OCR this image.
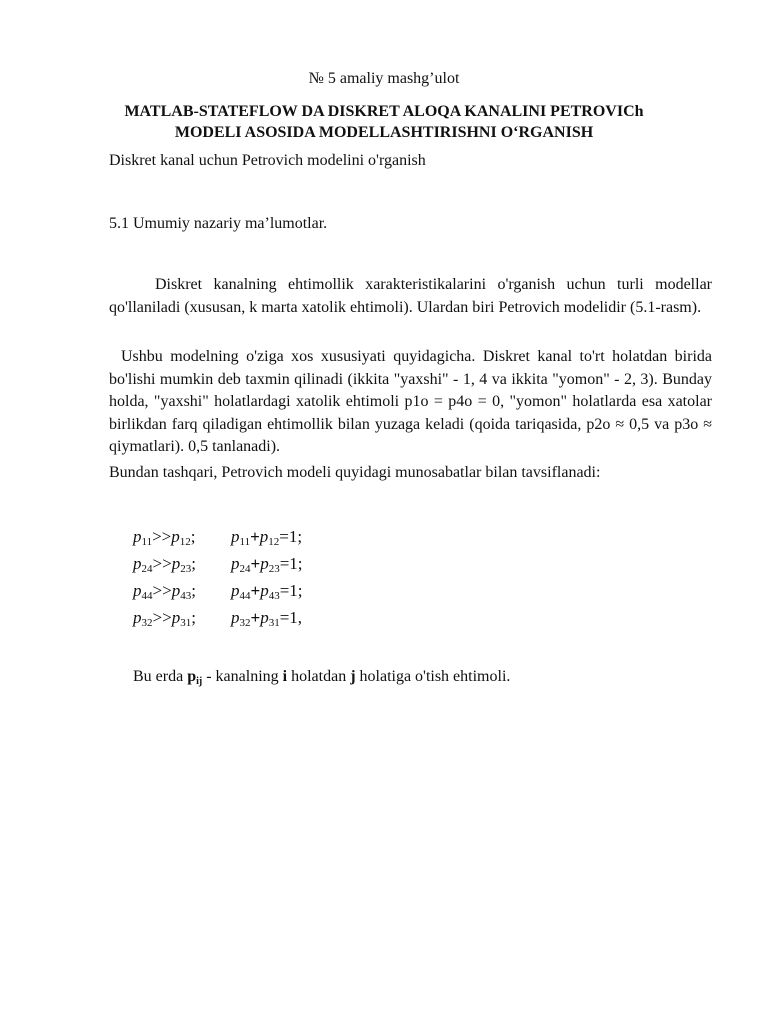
№ 5 amaliy mashg’ulot
MATLAB-STATEFLOW DA DISKRET ALOQA KANALINI PETROVICh MODELI ASOSIDA MODELLASHTIRISHNI O‘RGANISH
Diskret kanal uchun Petrovich modelini o'rganish
5.1 Umumiy nazariy ma’lumotlar.
Diskret kanalning ehtimollik xarakteristikalarini o'rganish uchun turli modellar qo'llaniladi (xususan, k marta xatolik ehtimoli). Ulardan biri Petrovich modelidir (5.1-rasm).
Ushbu modelning o'ziga xos xususiyati quyidagicha. Diskret kanal to'rt holatdan birida bo'lishi mumkin deb taxmin qilinadi (ikkita "yaxshi" - 1, 4 va ikkita "yomon" - 2, 3). Bunday holda, "yaxshi" holatlardagi xatolik ehtimoli p1o = p4o = 0, "yomon" holatlarda esa xatolar birlikdan farq qiladigan ehtimollik bilan yuzaga keladi (qoida tariqasida, p2o ≈ 0,5 va p3o ≈ qiymatlari). 0,5 tanlanadi).
Bundan tashqari, Petrovich modeli quyidagi munosabatlar bilan tavsiflanadi:
$p_{11}>>p_{12}$; $p_{11}+p_{12}=1$;
$p_{24}>>p_{23}$; $p_{24}+p_{23}=1$;
$p_{44}>>p_{43}$; $p_{44}+p_{43}=1$;
$p_{32}>>p_{31}$; $p_{32}+p_{31}=1$,
Bu erda $p_{ij}$ - kanalning i holatdan j holatiga o'tish ehtimoli.
